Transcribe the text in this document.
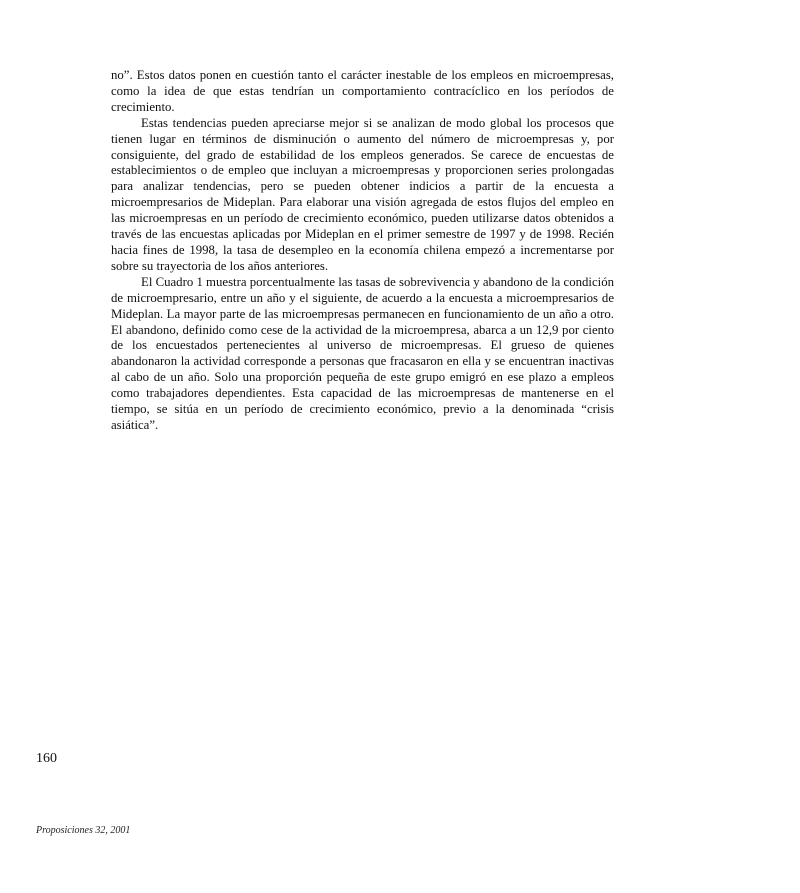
no”. Estos datos ponen en cuestión tanto el carácter inestable de los empleos en microempresas, como la idea de que estas tendrían un comportamiento contracíclico en los períodos de crecimiento.

Estas tendencias pueden apreciarse mejor si se analizan de modo global los procesos que tienen lugar en términos de disminución o aumento del número de microempresas y, por consiguiente, del grado de estabilidad de los empleos generados. Se carece de encuestas de establecimientos o de empleo que incluyan a microempresas y proporcionen series prolongadas para analizar tendencias, pero se pueden obtener indicios a partir de la encuesta a microempresarios de Mideplan. Para elaborar una visión agregada de estos flujos del empleo en las microempresas en un período de crecimiento económico, pueden utilizarse datos obtenidos a través de las encuestas aplicadas por Mideplan en el primer semestre de 1997 y de 1998. Recién hacia fines de 1998, la tasa de desempleo en la economía chilena empezó a incrementarse por sobre su trayectoria de los años anteriores.

El Cuadro 1 muestra porcentualmente las tasas de sobrevivencia y abandono de la condición de microempresario, entre un año y el siguiente, de acuerdo a la encuesta a microempresarios de Mideplan. La mayor parte de las microempresas permanecen en funcionamiento de un año a otro. El abandono, definido como cese de la actividad de la microempresa, abarca a un 12,9 por ciento de los encuestados pertenecientes al universo de microempresas. El grueso de quienes abandonaron la actividad corresponde a personas que fracasaron en ella y se encuentran inactivas al cabo de un año. Solo una proporción pequeña de este grupo emigró en ese plazo a empleos como trabajadores dependientes. Esta capacidad de las microempresas de mantenerse en el tiempo, se sitúa en un período de crecimiento económico, previo a la denominada “crisis asiática”.

160
Proposiciones 32, 2001
